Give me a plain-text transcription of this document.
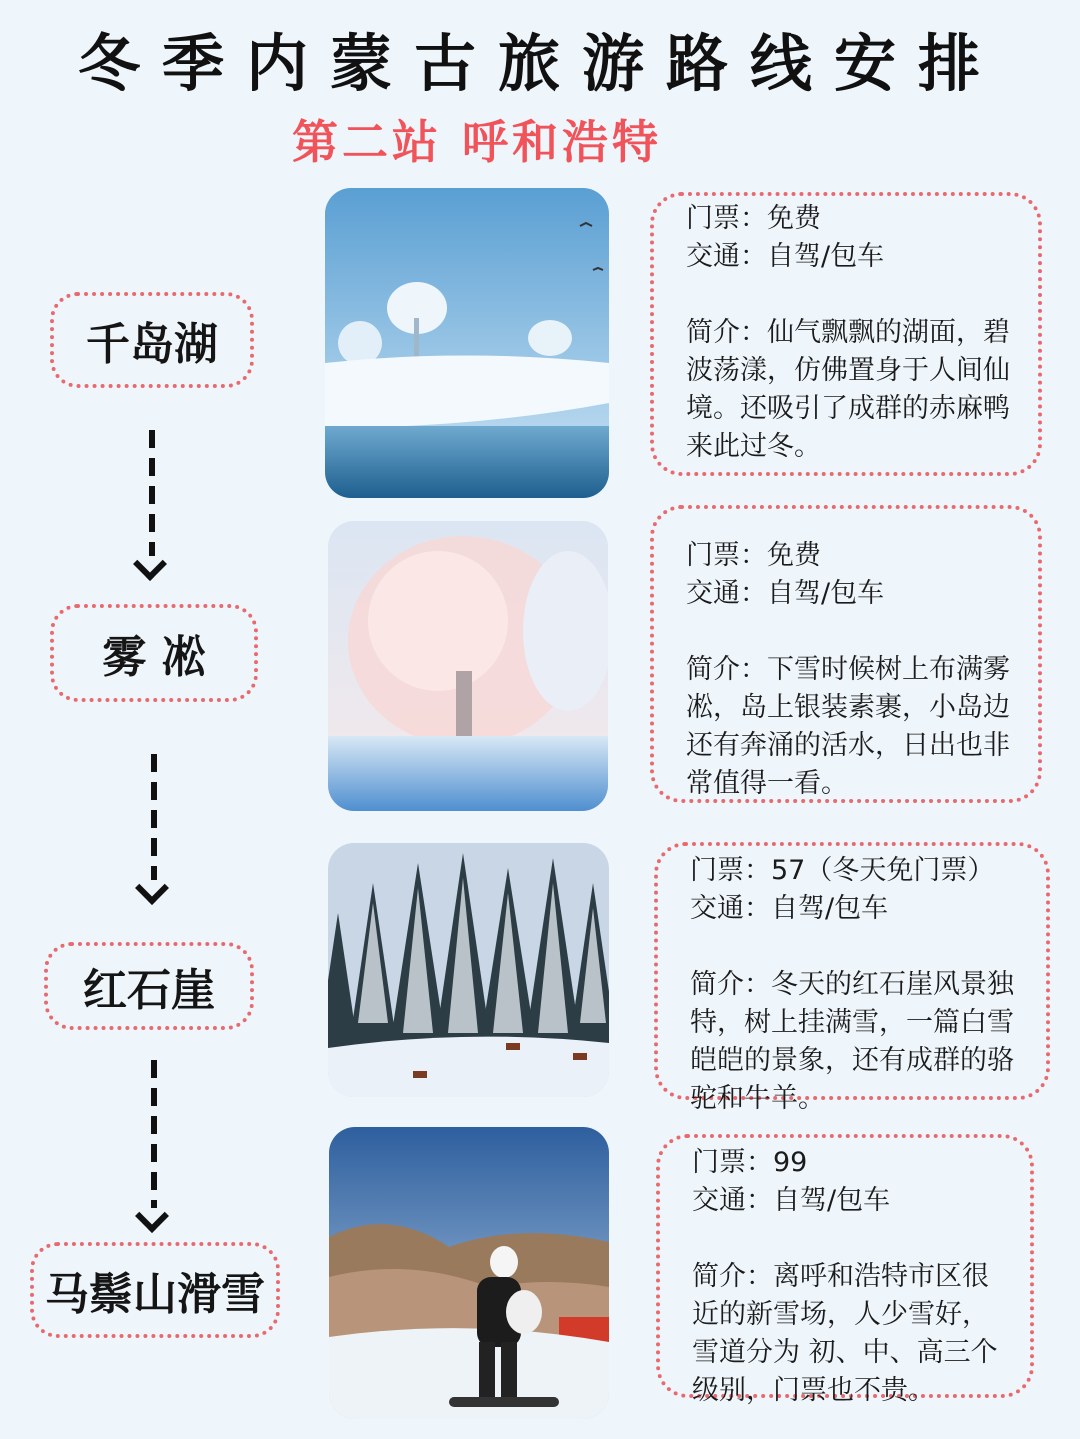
冬季内蒙古旅游路线安排
第二站 呼和浩特
千岛湖
雾 凇
红石崖
马鬃山滑雪
门票：免费
交通：自驾/包车
简介：仙气飘飘的湖面，碧波荡漾，仿佛置身于人间仙境。还吸引了成群的赤麻鸭来此过冬。
门票：免费
交通：自驾/包车
简介：下雪时候树上布满雾凇，岛上银装素裹，小岛边还有奔涌的活水，日出也非常值得一看。
门票：57（冬天免门票）
交通：自驾/包车
简介：冬天的红石崖风景独特，树上挂满雪，一篇白雪皑皑的景象，还有成群的骆驼和牛羊。
门票：99
交通：自驾/包车
简介：离呼和浩特市区很近的新雪场，人少雪好，雪道分为 初、中、高三个级别，门票也不贵。
